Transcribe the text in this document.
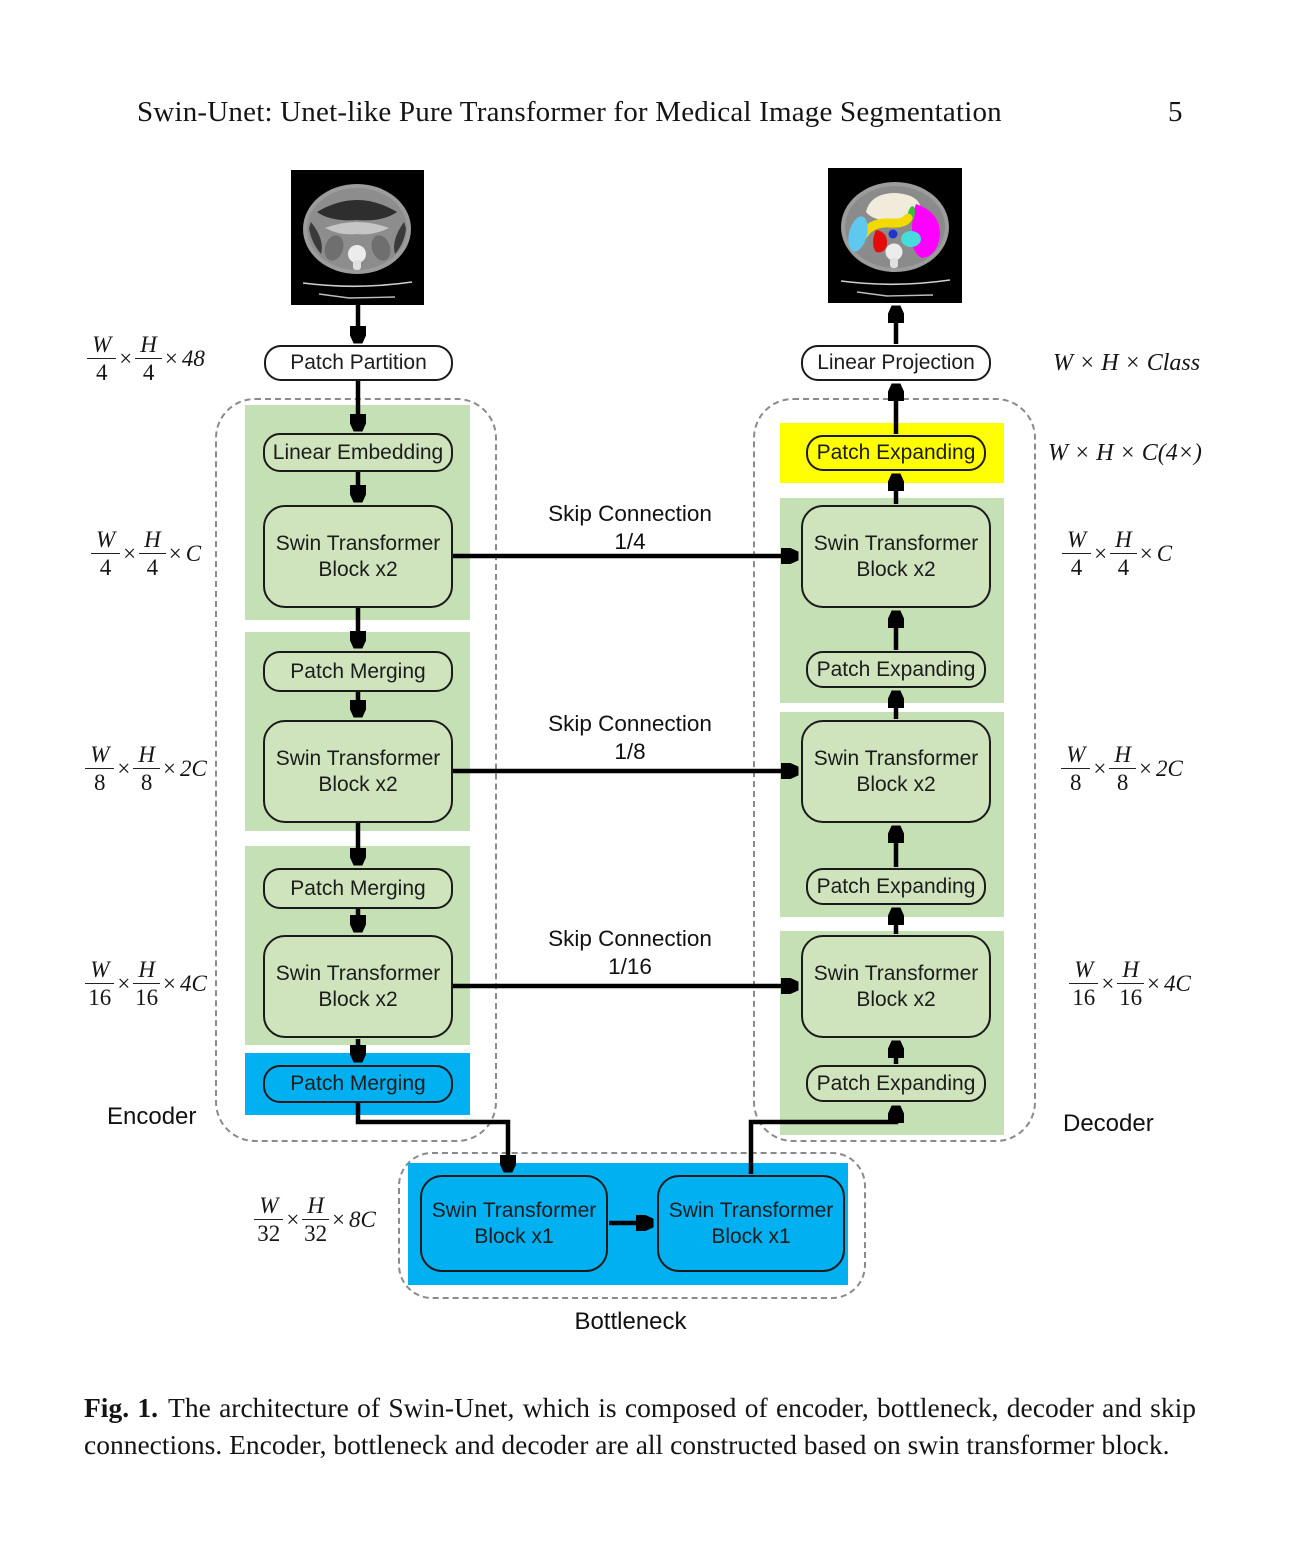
Swin-Unet: Unet-like Pure Transformer for Medical Image Segmentation	5
Patch Partition
Linear Embedding
Swin Transformer
Block x2
Patch Merging
Swin Transformer
Block x2
Patch Merging
Swin Transformer
Block x2
Patch Merging
Linear Projection
Patch Expanding
Swin Transformer
Block x2
Patch Expanding
Swin Transformer
Block x2
Patch Expanding
Swin Transformer
Block x2
Patch Expanding
Swin Transformer
Block x1
Swin Transformer
Block x1
Skip Connection
1/4
Skip Connection
1/8
Skip Connection
1/16
Encoder	Decoder
Bottleneck
$\frac{W}{4} \times \frac{H}{4} \times 48$
$\frac{W}{4} \times \frac{H}{4} \times C$
$\frac{W}{8} \times \frac{H}{8} \times 2C$
$\frac{W}{16} \times \frac{H}{16} \times 4C$
$\frac{W}{32} \times \frac{H}{32} \times 8C$
W × H × Class
W × H × C(4×)
$\frac{W}{4} \times \frac{H}{4} \times C$
$\frac{W}{8} \times \frac{H}{8} \times 2C$
$\frac{W}{16} \times \frac{H}{16} \times 4C$
Fig. 1. The architecture of Swin-Unet, which is composed of encoder, bottleneck, decoder and skip connections. Encoder, bottleneck and decoder are all constructed based on swin transformer block.
